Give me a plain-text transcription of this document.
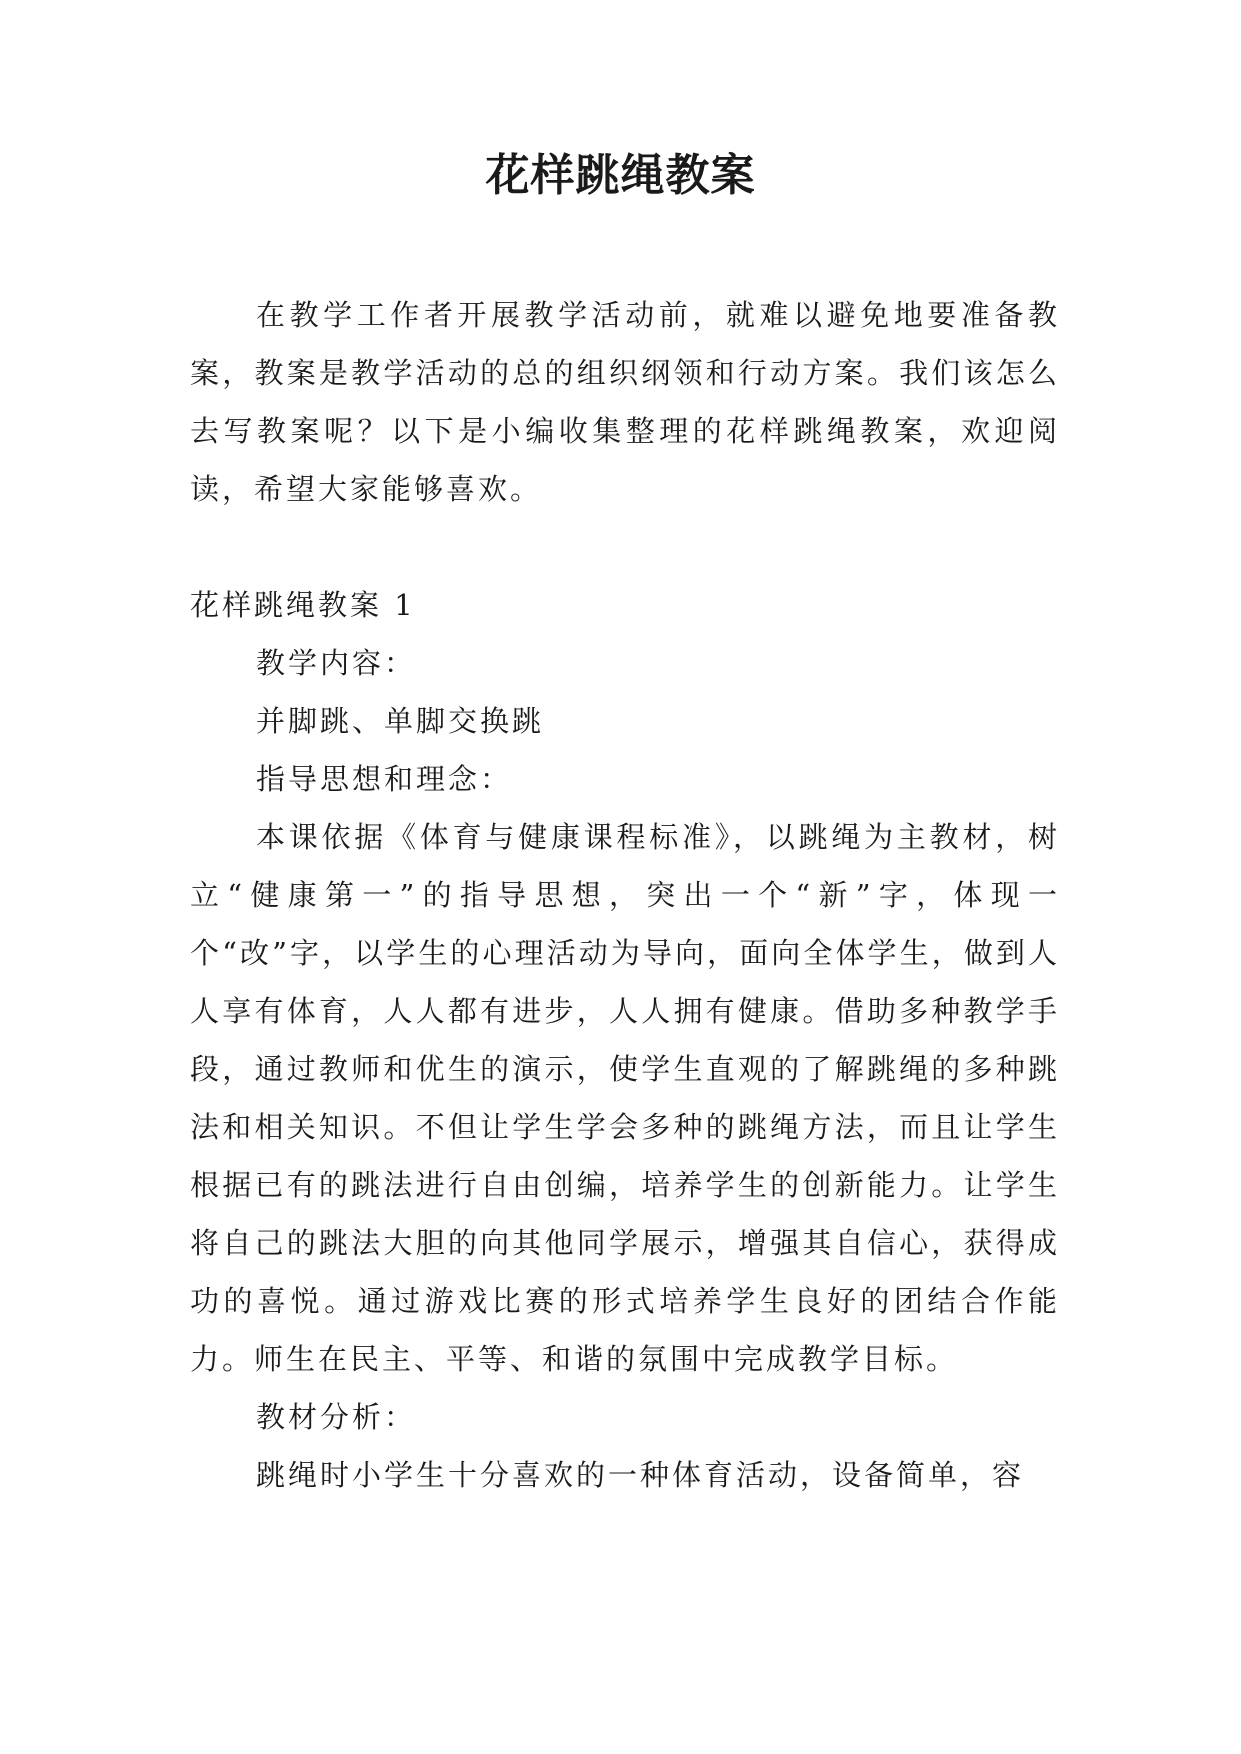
花样跳绳教案

在教学工作者开展教学活动前，就难以避免地要准备教案，教案是教学活动的总的组织纲领和行动方案。我们该怎么去写教案呢？以下是小编收集整理的花样跳绳教案，欢迎阅读，希望大家能够喜欢。

花样跳绳教案 1

教学内容：

并脚跳、单脚交换跳

指导思想和理念：

本课依据《体育与健康课程标准》，以跳绳为主教材，树立“健康第一”的指导思想，突出一个“新”字，体现一个“改”字，以学生的心理活动为导向，面向全体学生，做到人人享有体育，人人都有进步，人人拥有健康。借助多种教学手段，通过教师和优生的演示，使学生直观的了解跳绳的多种跳法和相关知识。不但让学生学会多种的跳绳方法，而且让学生根据已有的跳法进行自由创编，培养学生的创新能力。让学生将自己的跳法大胆的向其他同学展示，增强其自信心，获得成功的喜悦。通过游戏比赛的形式培养学生良好的团结合作能力。师生在民主、平等、和谐的氛围中完成教学目标。

教材分析：

跳绳时小学生十分喜欢的一种体育活动，设备简单，容
